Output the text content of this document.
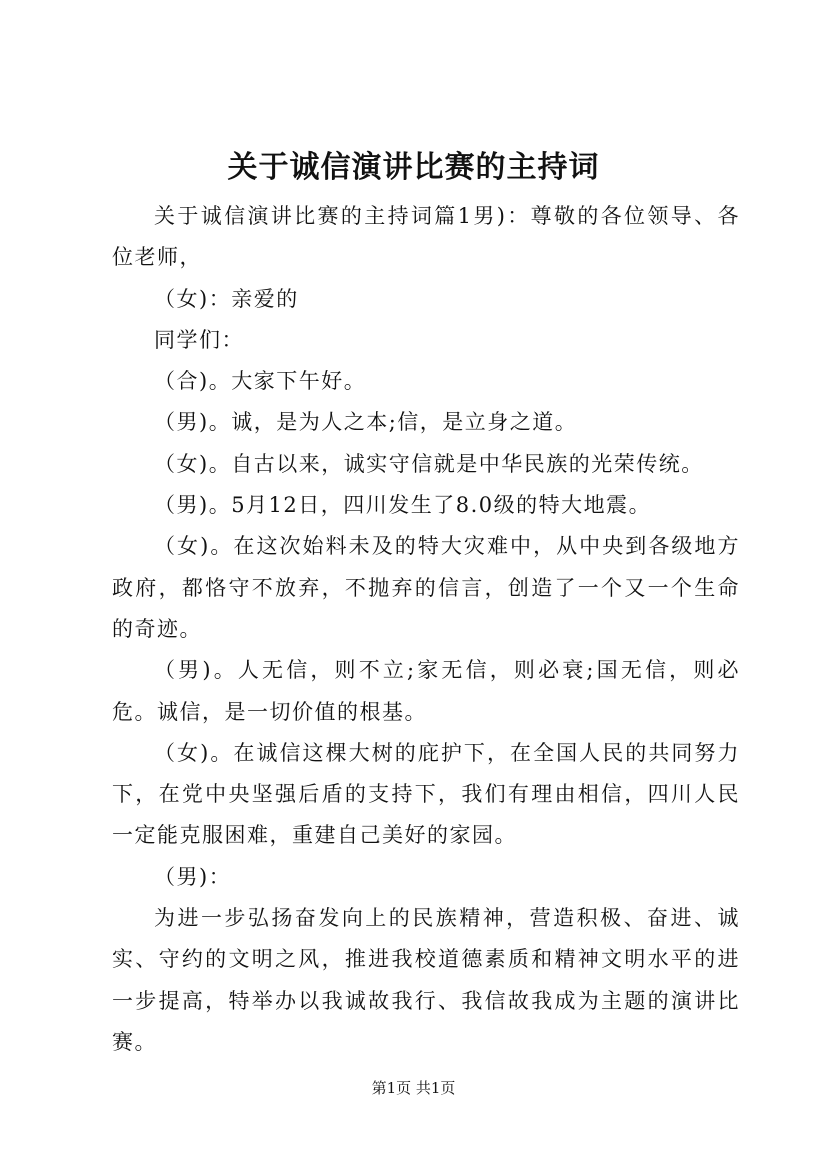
关于诚信演讲比赛的主持词

关于诚信演讲比赛的主持词篇1男)：尊敬的各位领导、各位老师，

（女)：亲爱的

同学们：

（合)。大家下午好。

（男)。诚，是为人之本;信，是立身之道。

（女)。自古以来，诚实守信就是中华民族的光荣传统。

（男)。5月12日，四川发生了8.0级的特大地震。

（女)。在这次始料未及的特大灾难中，从中央到各级地方政府，都恪守不放弃，不抛弃的信言，创造了一个又一个生命的奇迹。

（男)。人无信，则不立;家无信，则必衰;国无信，则必危。诚信，是一切价值的根基。

（女)。在诚信这棵大树的庇护下，在全国人民的共同努力下，在党中央坚强后盾的支持下，我们有理由相信，四川人民一定能克服困难，重建自己美好的家园。

（男)：

为进一步弘扬奋发向上的民族精神，营造积极、奋进、诚实、守约的文明之风，推进我校道德素质和精神文明水平的进一步提高，特举办以我诚故我行、我信故我成为主题的演讲比赛。

第1页 共1页
